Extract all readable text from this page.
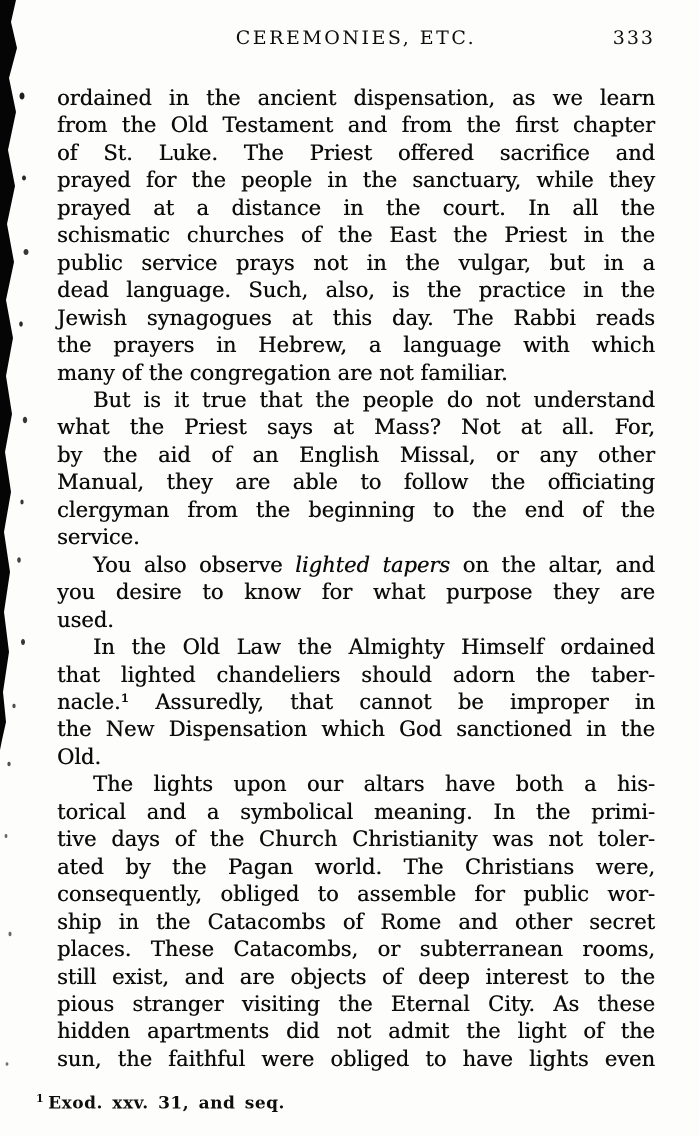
CEREMONIES, ETC.	333
ordained in the ancient dispensation, as we learn
from the Old Testament and from the first chapter
of St. Luke. The Priest offered sacrifice and
prayed for the people in the sanctuary, while they
prayed at a distance in the court. In all the
schismatic churches of the East the Priest in the
public service prays not in the vulgar, but in a
dead language. Such, also, is the practice in the
Jewish synagogues at this day. The Rabbi reads
the prayers in Hebrew, a language with which
many of the congregation are not familiar.
But is it true that the people do not understand
what the Priest says at Mass? Not at all. For,
by the aid of an English Missal, or any other
Manual, they are able to follow the officiating
clergyman from the beginning to the end of the
service.
You also observe lighted tapers on the altar, and
you desire to know for what purpose they are
used.
In the Old Law the Almighty Himself ordained
that lighted chandeliers should adorn the taber-
nacle.¹ Assuredly, that cannot be improper in
the New Dispensation which God sanctioned in the
Old.
The lights upon our altars have both a his-
torical and a symbolical meaning. In the primi-
tive days of the Church Christianity was not toler-
ated by the Pagan world. The Christians were,
consequently, obliged to assemble for public wor-
ship in the Catacombs of Rome and other secret
places. These Catacombs, or subterranean rooms,
still exist, and are objects of deep interest to the
pious stranger visiting the Eternal City. As these
hidden apartments did not admit the light of the
sun, the faithful were obliged to have lights even
$^1$ Exod. xxv. 31, and seq.
